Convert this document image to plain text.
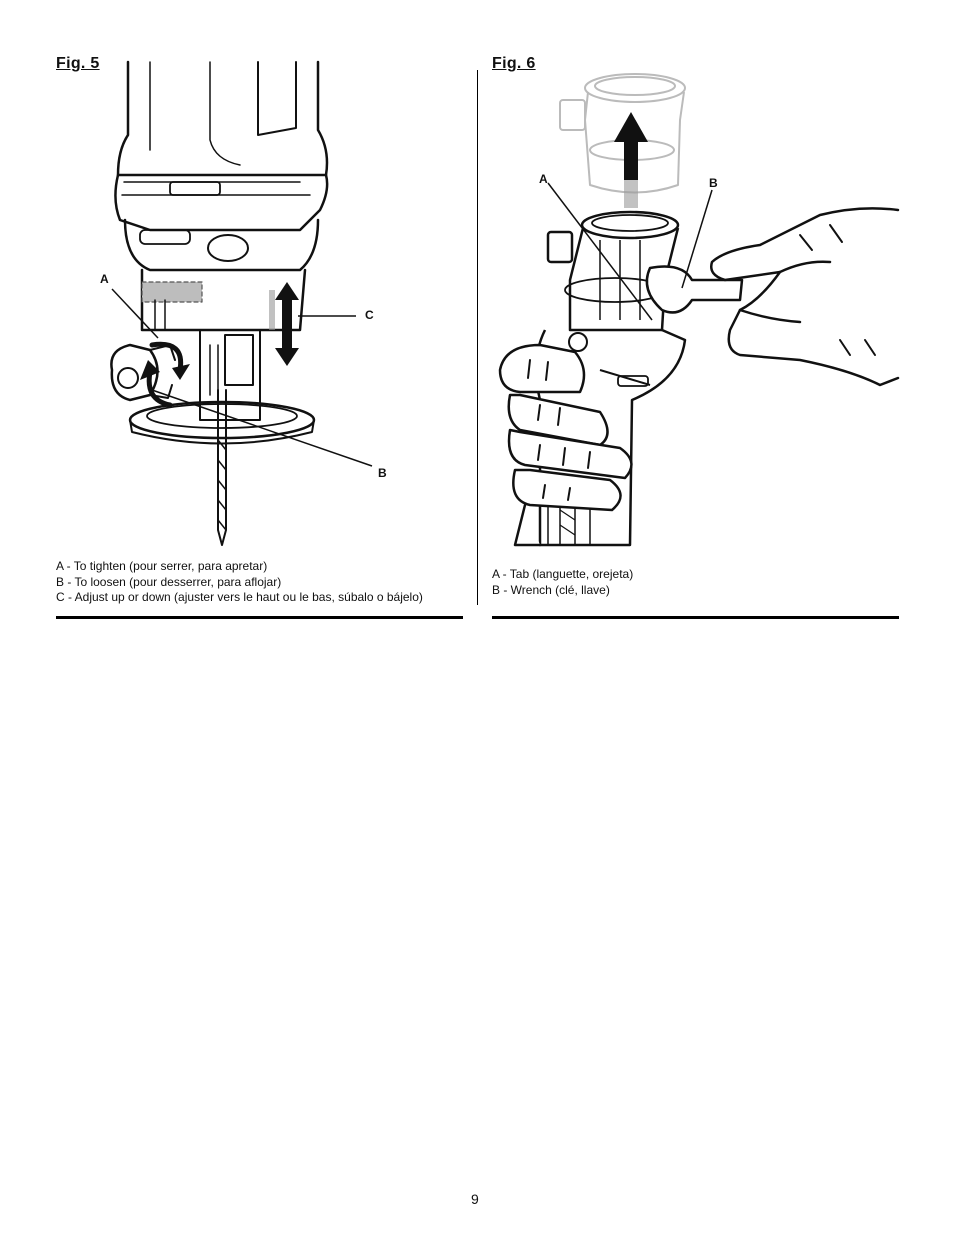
Fig. 5
A
C
B
A - To tighten (pour serrer, para apretar)
B - To loosen (pour desserrer, para aflojar)
C - Adjust up or down (ajuster vers le haut ou le bas, súbalo o bájelo)
Fig. 6
A	B
A - Tab (languette, orejeta)
B - Wrench (clé, llave)
9
